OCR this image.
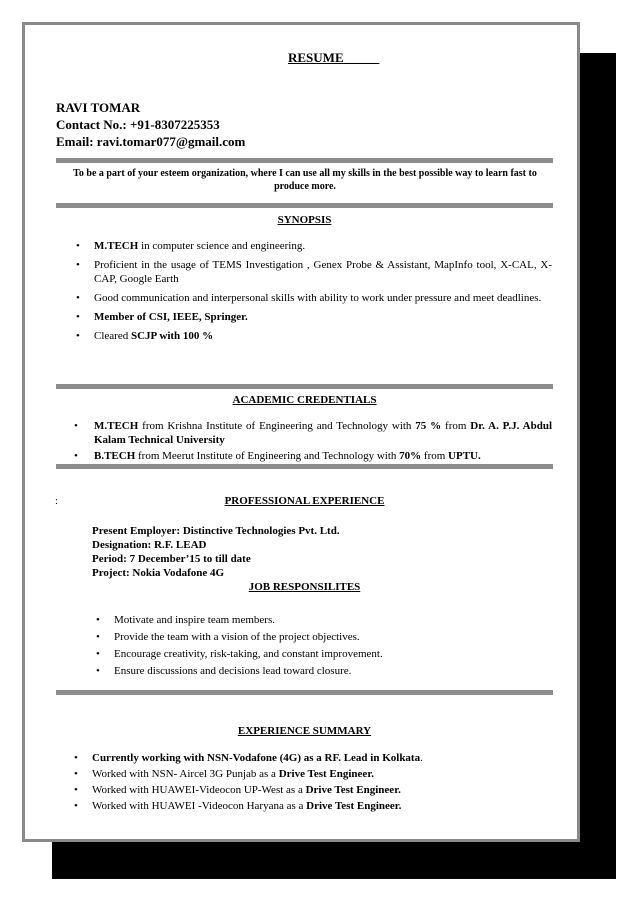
RESUME
RAVI TOMAR
Contact No.: +91-8307225353
Email: ravi.tomar077@gmail.com
To be a part of your esteem organization, where I can use all my skills in the best possible way to learn fast to produce more.
SYNOPSIS
• M.TECH in computer science and engineering.
• Proficient in the usage of TEMS Investigation , Genex Probe & Assistant, MapInfo tool, X-CAL, X-CAP, Google Earth
• Good communication and interpersonal skills with ability to work under pressure and meet deadlines.
• Member of CSI, IEEE, Springer.
• Cleared SCJP with 100 %
ACADEMIC CREDENTIALS
• M.TECH from Krishna Institute of Engineering and Technology with 75 % from Dr. A. P.J. Abdul Kalam Technical University
• B.TECH from Meerut Institute of Engineering and Technology with 70% from UPTU.
:	PROFESSIONAL EXPERIENCE
Present Employer: Distinctive Technologies Pvt. Ltd.
Designation: R.F. LEAD
Period: 7 December’15 to till date
Project: Nokia Vodafone 4G
JOB RESPONSILITES
• Motivate and inspire team members.
• Provide the team with a vision of the project objectives.
• Encourage creativity, risk-taking, and constant improvement.
• Ensure discussions and decisions lead toward closure.
EXPERIENCE SUMMARY
• Currently working with NSN-Vodafone (4G) as a RF. Lead in Kolkata.
• Worked with NSN- Aircel 3G Punjab as a Drive Test Engineer.
• Worked with HUAWEI-Videocon UP-West as a Drive Test Engineer.
• Worked with HUAWEI -Videocon Haryana as a Drive Test Engineer.
